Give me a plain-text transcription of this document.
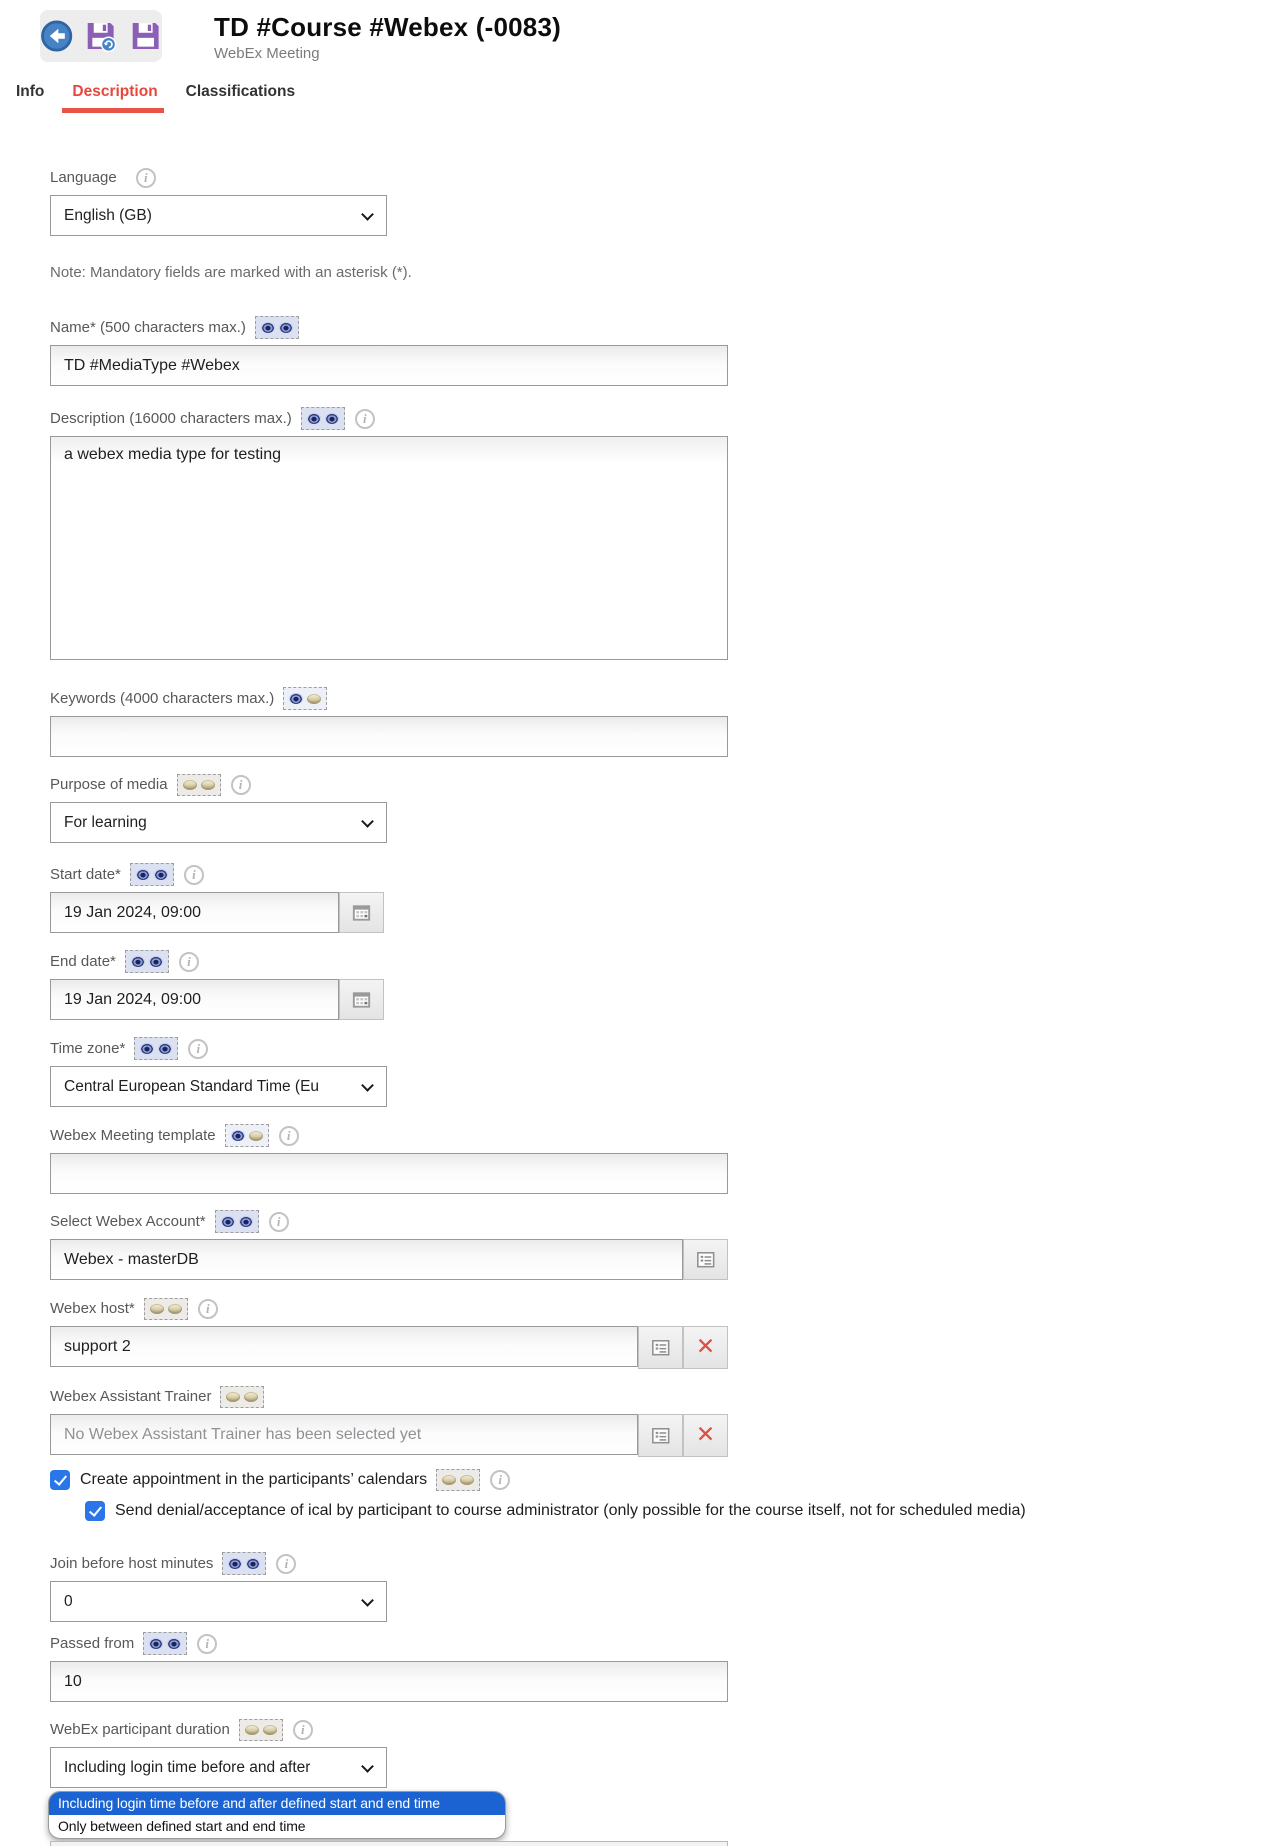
TD #Course #Webex (-0083)
WebEx Meeting
Info	Description	Classifications
Language	i
English (GB)
Note: Mandatory fields are marked with an asterisk (*).
Name* (500 characters max.)
TD #MediaType #Webex
Description (16000 characters max.)	i
a webex media type for testing
Keywords (4000 characters max.)
Purpose of media	i
For learning
Start date*	i
19 Jan 2024, 09:00
End date*	i
19 Jan 2024, 09:00
Time zone*	i
Central European Standard Time (Eu
Webex Meeting template	i
Select Webex Account*	i
Webex - masterDB
Webex host*	i
support 2
✕
Webex Assistant Trainer
No Webex Assistant Trainer has been selected yet
✕
Create appointment in the participants’ calendars	i
Send denial/acceptance of ical by participant to course administrator (only possible for the course itself, not for scheduled media)
Join before host minutes	i
0
Passed from	i
10
WebEx participant duration	i
Including login time before and after
Including login time before and after defined start and end time
Only between defined start and end time
